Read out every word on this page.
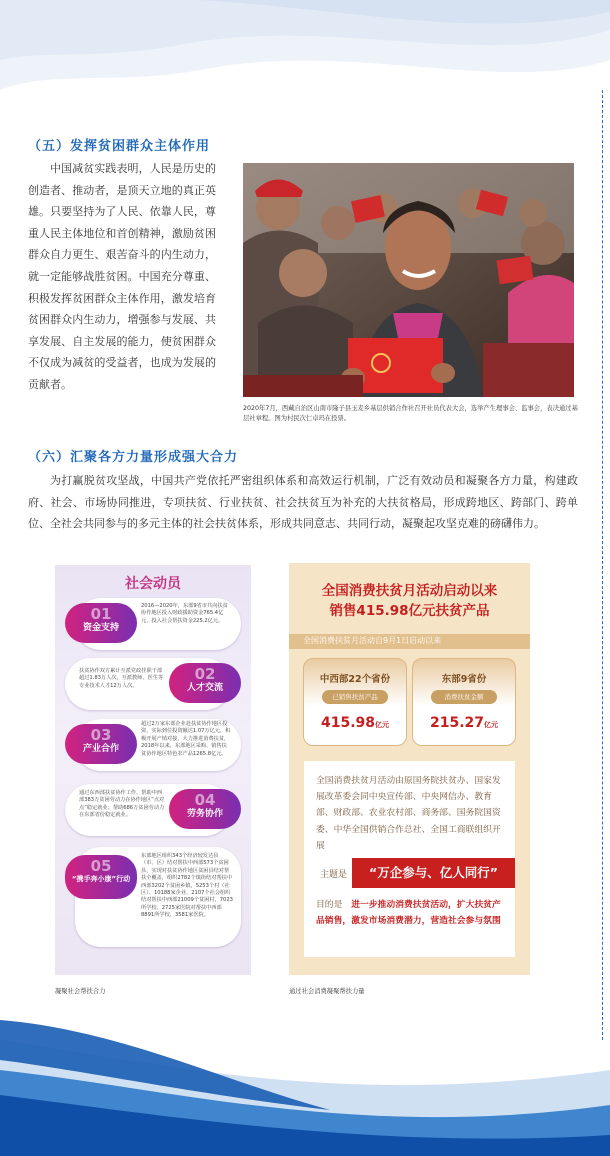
（五）发挥贫困群众主体作用

中国减贫实践表明，人民是历史的创造者、推动者，是顶天立地的真正英雄。只要坚持为了人民、依靠人民，尊重人民主体地位和首创精神，激励贫困群众自力更生、艰苦奋斗的内生动力，就一定能够战胜贫困。中国充分尊重、积极发挥贫困群众主体作用，激发培育贫困群众内生动力，增强参与发展、共享发展、自主发展的能力，使贫困群众不仅成为减贫的受益者，也成为发展的贡献者。

2020年7月，西藏自治区山南市隆子县玉麦乡基层供销合作社召开社员代表大会，选举产生理事会、监事会，表决通过基层社章程。图为村民次仁卓玛在投票。
（六）汇聚各方力量形成强大合力

为打赢脱贫攻坚战，中国共产党依托严密组织体系和高效运行机制，广泛有效动员和凝聚各方力量，构建政府、社会、市场协同推进，专项扶贫、行业扶贫、社会扶贫互为补充的大扶贫格局，形成跨地区、跨部门、跨单位、全社会共同参与的多元主体的社会扶贫体系，形成共同意志、共同行动，凝聚起攻坚克难的磅礴伟力。

社会动员
01
资金支持
2016—2020年，东部9省市共向扶贫协作地区投入财政援助资金765.4亿元，投入社会帮扶资金225.2亿元。
02
人才交流
扶贫协作双方累计互派党政挂职干部超过1.83万人次，互派教师、医生等专业技术人才12万人次。
03
产业合作
超过2万家东部企业赴扶贫协作地区投资，实际到位投资额达1.07万亿元，积极开展产销对接，大力推进消费扶贫，2018年以来，东部地区采购、销售扶贫协作地区特色农产品1265.8亿元。
04
劳务协作
通过东西部扶贫协作工作，帮助中西部383万贫困劳动力在协作地区“点对点”稳定就业；帮助686万贫困劳动力在东部省份稳定就业。
05
“携手奔小康”行动
东部地区组织343个经济较发达县（市、区）结对帮扶中西部573个贫困县，实现对扶贫协作地区贫困县结对帮扶全覆盖，组织2782个镇街结对帮扶中西部3202个贫困乡镇，5253个村（社区）、10188家企业、2107个社会组织结对帮扶中西部21009个贫困村，7023所学校、2725家医院对帮扶中西部8891所学校、3581家医院。
凝聚社会帮扶合力
全国消费扶贫月活动启动以来
销售415.98亿元扶贫产品
全国消费扶贫月活动自9月1日启动以来
中西部22个省份
已销售扶贫产品
415.98亿元
东部9省份
消费扶贫金额
215.27亿元
全国消费扶贫月活动由原国务院扶贫办、国家发展改革委会同中央宣传部、中央网信办、教育部、财政部、农业农村部、商务部、国务院国资委、中华全国供销合作总社、全国工商联组织开展
主题是	“万企参与、亿人同行”
目的是　 进一步推动消费扶贫活动，扩大扶贫产品销售，激发市场消费潜力，营造社会参与氛围
通过社会消费凝聚帮扶力量
